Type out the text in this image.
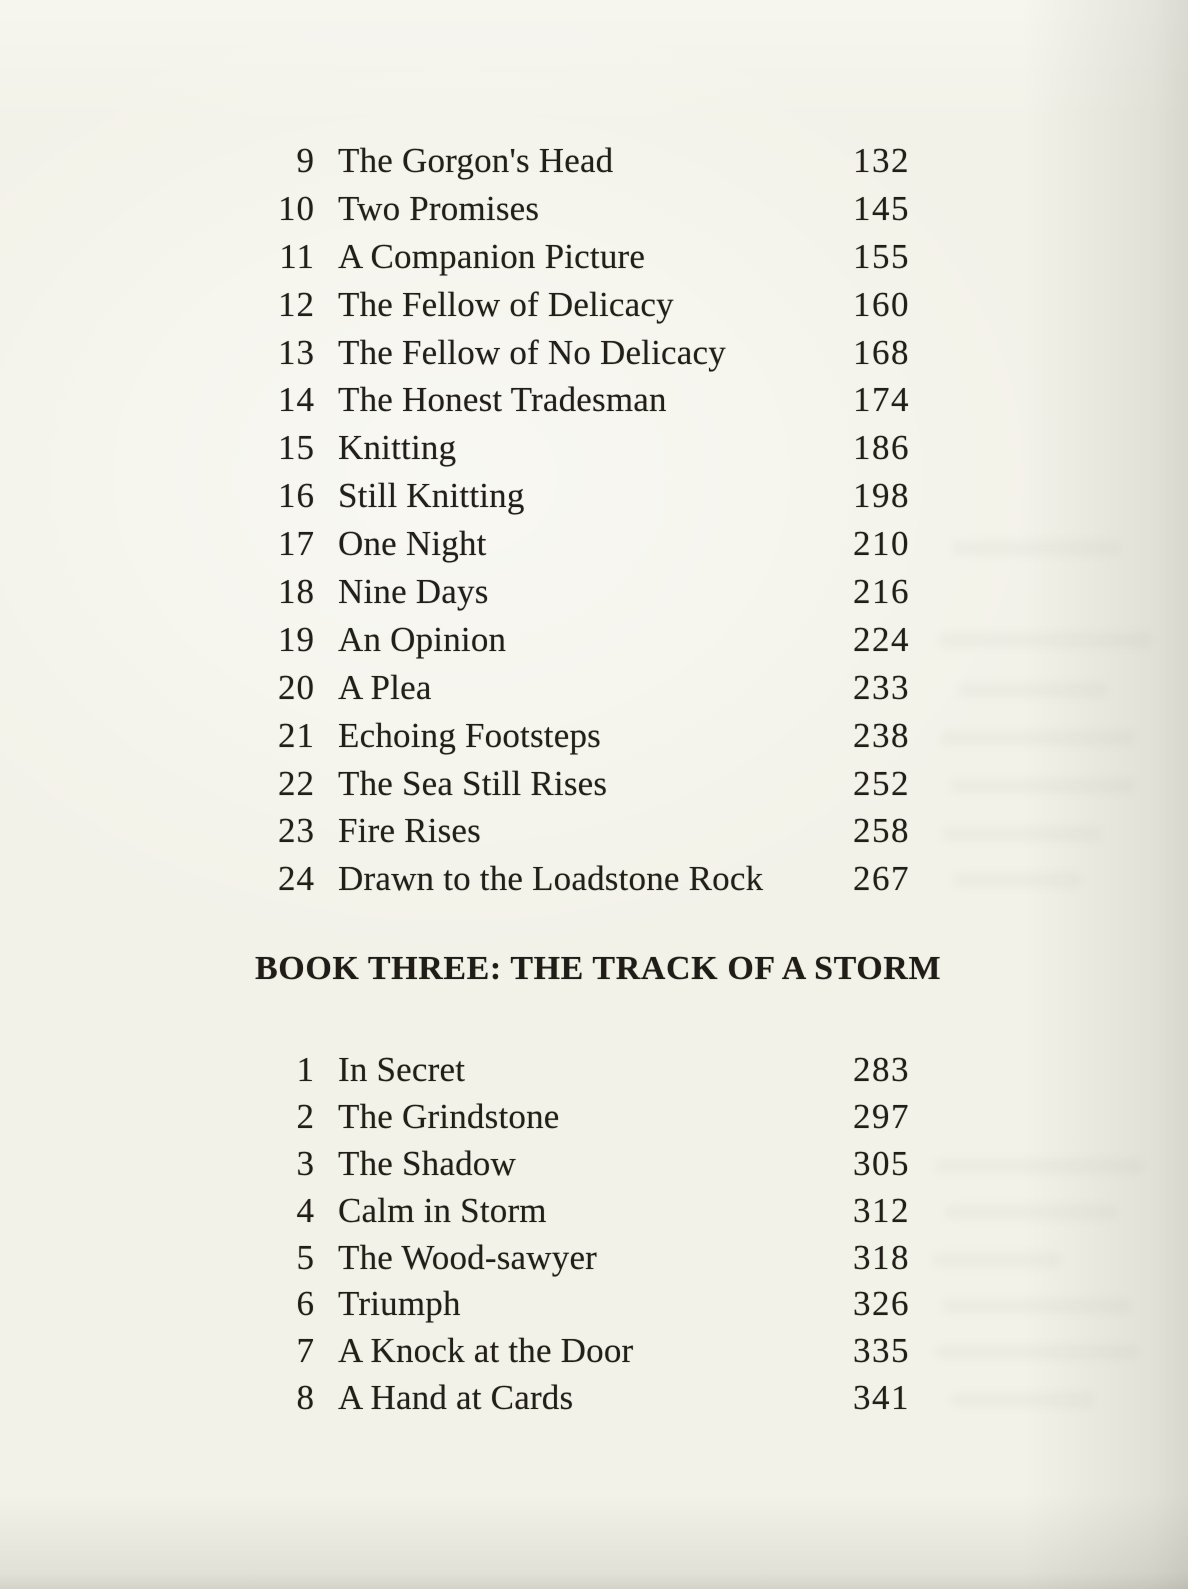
9 The Gorgon's Head	132
10 Two Promises	145
11 A Companion Picture	155
12 The Fellow of Delicacy	160
13 The Fellow of No Delicacy	168
14 The Honest Tradesman	174
15 Knitting	186
16 Still Knitting	198
17 One Night	210
18 Nine Days	216
19 An Opinion	224
20 A Plea	233
21 Echoing Footsteps	238
22 The Sea Still Rises	252
23 Fire Rises	258
24 Drawn to the Loadstone Rock	267
BOOK THREE: THE TRACK OF A STORM
1 In Secret	283
2 The Grindstone	297
3 The Shadow	305
4 Calm in Storm	312
5 The Wood-sawyer	318
6 Triumph	326
7 A Knock at the Door	335
8 A Hand at Cards	341
